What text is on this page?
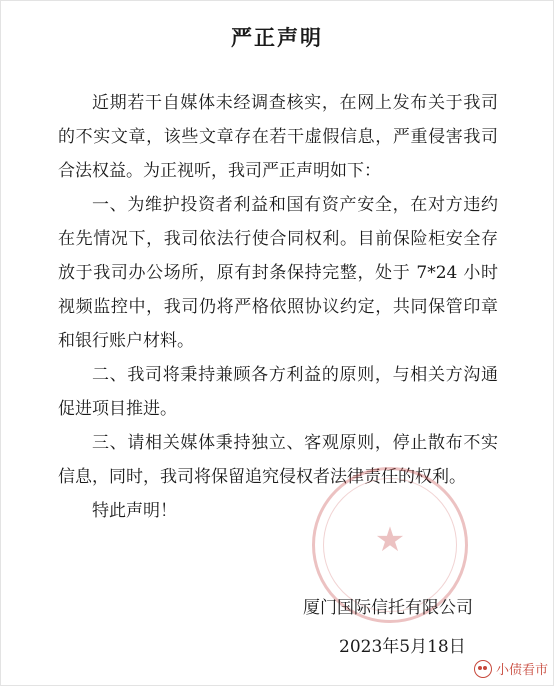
严正声明

近期若干自媒体未经调查核实，在网上发布关于我司的不实文章，该些文章存在若干虚假信息，严重侵害我司合法权益。为正视听，我司严正声明如下：

一、为维护投资者利益和国有资产安全，在对方违约在先情况下，我司依法行使合同权利。目前保险柜安全存放于我司办公场所，原有封条保持完整，处于 7*24 小时视频监控中，我司仍将严格依照协议约定，共同保管印章和银行账户材料。

二、我司将秉持兼顾各方利益的原则，与相关方沟通促进项目推进。

三、请相关媒体秉持独立、客观原则，停止散布不实信息，同时，我司将保留追究侵权者法律责任的权利。

特此声明！

★
厦门国际信托有限公司
2023年5月18日
小债看市
